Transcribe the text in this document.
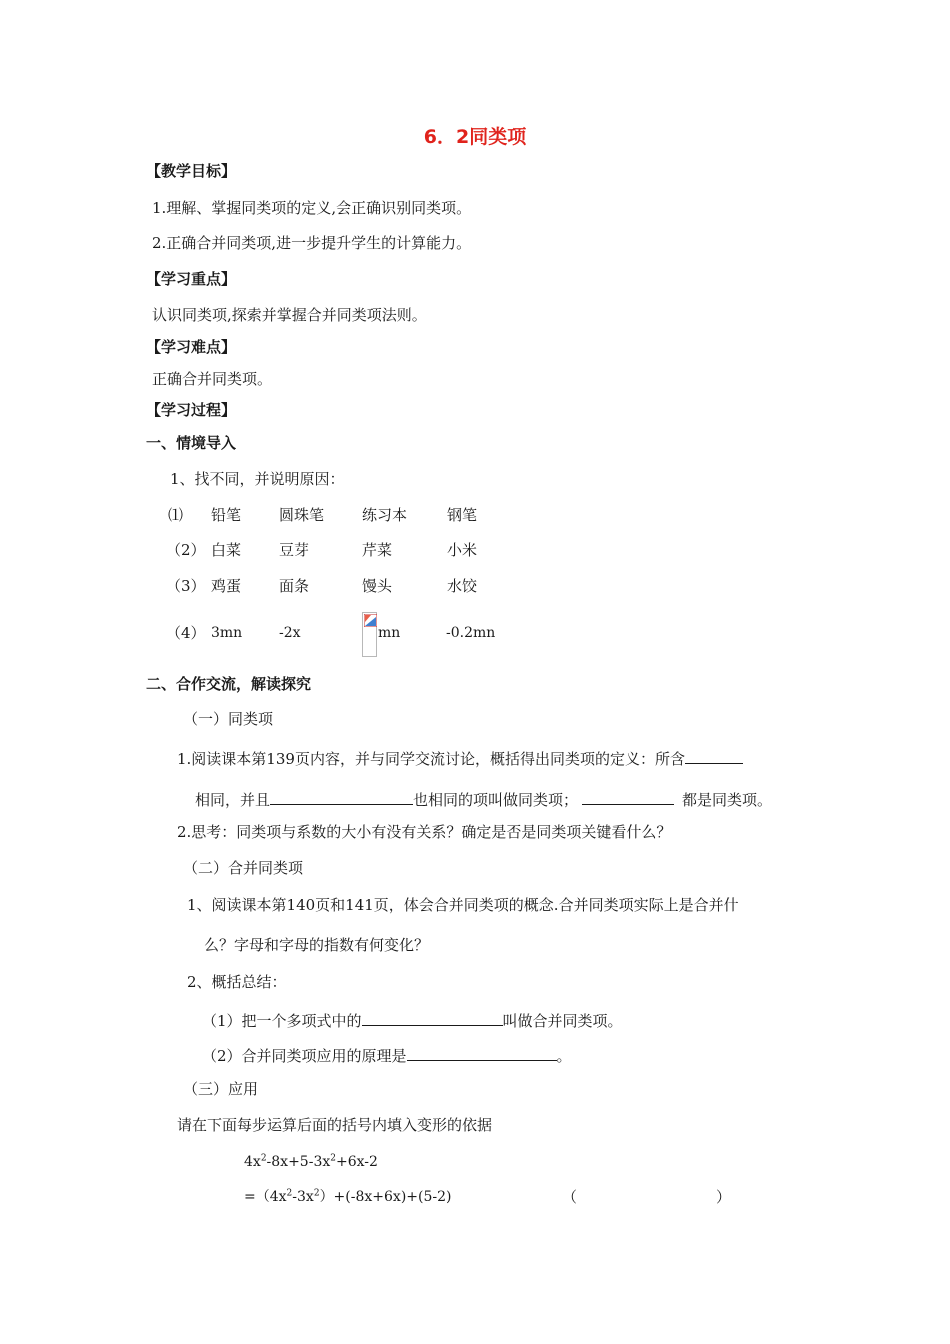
6．2同类项
【教学目标】
1.理解、掌握同类项的定义,会正确识别同类项。
2.正确合并同类项,进一步提升学生的计算能力。
【学习重点】
认识同类项,探索并掌握合并同类项法则。
【学习难点】
正确合并同类项。
【学习过程】
一、情境导入
1、找不同，并说明原因：
⑴ 铅笔	圆珠笔	练习本	钢笔
（2） 白菜	豆芽	芹菜	小米
（3） 鸡蛋	面条	馒头	水饺
（4） 3mn	-2x	mn	-0.2mn
二、合作交流，解读探究
（一）同类项
1.阅读课本第139页内容，并与同学交流讨论，概括得出同类项的定义：所含
相同，并且	也相同的项叫做同类项；	都是同类项。
2.思考：同类项与系数的大小有没有关系？确定是否是同类项关键看什么？
（二）合并同类项
1、阅读课本第140页和141页，体会合并同类项的概念.合并同类项实际上是合并什
么？字母和字母的指数有何变化？
2、概括总结：
（1）把一个多项式中的	叫做合并同类项。
（2）合并同类项应用的原理是	。
（三）应用
请在下面每步运算后面的括号内填入变形的依据
$4x^2-8x+5-3x^2+6x-2$
$=(4x^2-3x^2)+(-8x+6x)+(5-2)$	（	）
